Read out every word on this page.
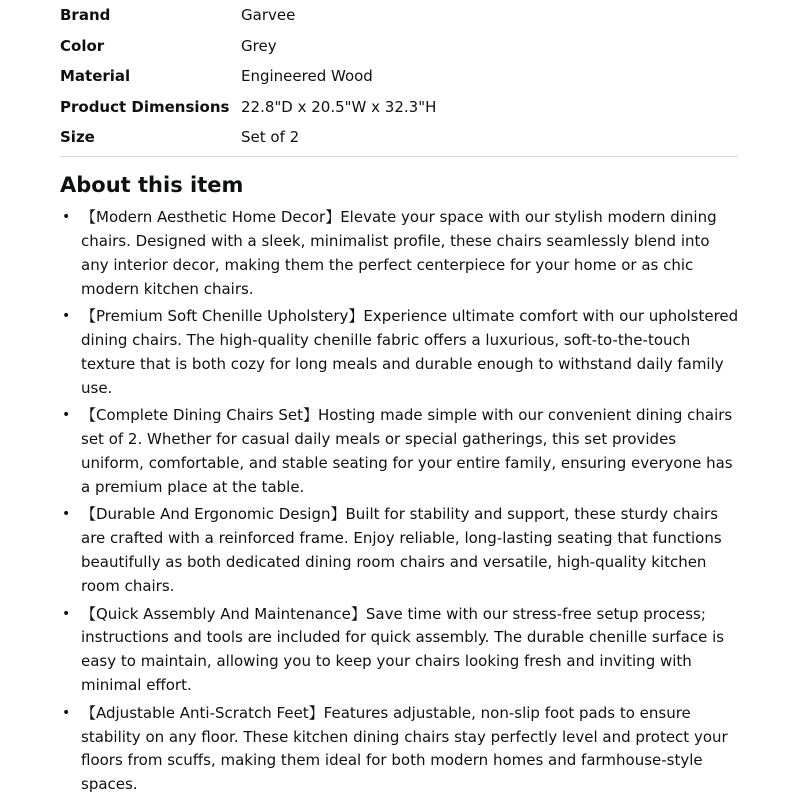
Brand	Garvee
Color	Grey
Material	Engineered Wood
Product Dimensions	22.8"D x 20.5"W x 32.3"H
Size	Set of 2
About this item
• 【Modern Aesthetic Home Decor】Elevate your space with our stylish modern dining chairs. Designed with a sleek, minimalist profile, these chairs seamlessly blend into any interior decor, making them the perfect centerpiece for your home or as chic modern kitchen chairs.
• 【Premium Soft Chenille Upholstery】Experience ultimate comfort with our upholstered dining chairs. The high-quality chenille fabric offers a luxurious, soft-to-the-touch texture that is both cozy for long meals and durable enough to withstand daily family use.
• 【Complete Dining Chairs Set】Hosting made simple with our convenient dining chairs set of 2. Whether for casual daily meals or special gatherings, this set provides uniform, comfortable, and stable seating for your entire family, ensuring everyone has a premium place at the table.
• 【Durable And Ergonomic Design】Built for stability and support, these sturdy chairs are crafted with a reinforced frame. Enjoy reliable, long-lasting seating that functions beautifully as both dedicated dining room chairs and versatile, high-quality kitchen room chairs.
• 【Quick Assembly And Maintenance】Save time with our stress-free setup process; instructions and tools are included for quick assembly. The durable chenille surface is easy to maintain, allowing you to keep your chairs looking fresh and inviting with minimal effort.
• 【Adjustable Anti-Scratch Feet】Features adjustable, non-slip foot pads to ensure stability on any floor. These kitchen dining chairs stay perfectly level and protect your floors from scuffs, making them ideal for both modern homes and farmhouse-style spaces.
